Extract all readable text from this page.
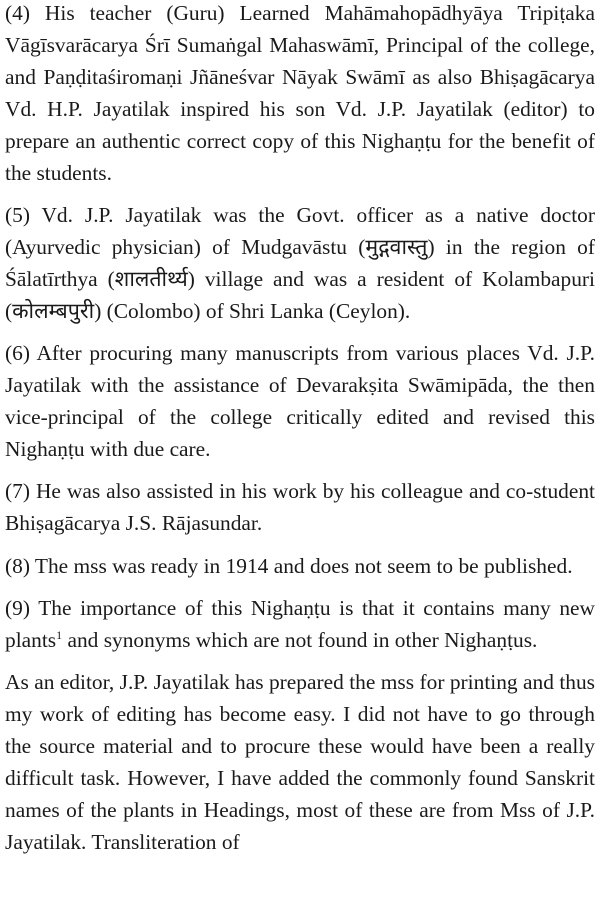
(4) His teacher (Guru) Learned Mahāmahopādhyāya Tripiṭaka Vāgīsvarācarya Śrī Sumaṅgal Mahaswāmī, Principal of the college, and Paṇḍitaśiromaṇi Jñāneśvar Nāyak Swāmī as also Bhiṣagācarya Vd. H.P. Jayatilak inspired his son Vd. J.P. Jayatilak (editor) to prepare an authentic correct copy of this Nighaṇṭu for the benefit of the students.

(5) Vd. J.P. Jayatilak was the Govt. officer as a native doctor (Ayurvedic physician) of Mudgavāstu (मुद्गवास्तु) in the region of Śālatīrthya (शालतीर्थ्य) village and was a resident of Kolambapuri (कोलम्बपुरी) (Colombo) of Shri Lanka (Ceylon).

(6) After procuring many manuscripts from various places Vd. J.P. Jayatilak with the assistance of Devarakṣita Swāmipāda, the then vice-principal of the college critically edited and revised this Nighaṇṭu with due care.

(7) He was also assisted in his work by his colleague and co-student Bhiṣagācarya J.S. Rājasundar.

(8) The mss was ready in 1914 and does not seem to be published.

(9) The importance of this Nighaṇṭu is that it contains many new plants$^1$ and synonyms which are not found in other Nighaṇṭus.

As an editor, J.P. Jayatilak has prepared the mss for printing and thus my work of editing has become easy. I did not have to go through the source material and to procure these would have been a really difficult task. However, I have added the commonly found Sanskrit names of the plants in Headings, most of these are from Mss of J.P. Jayatilak. Transliteration of
